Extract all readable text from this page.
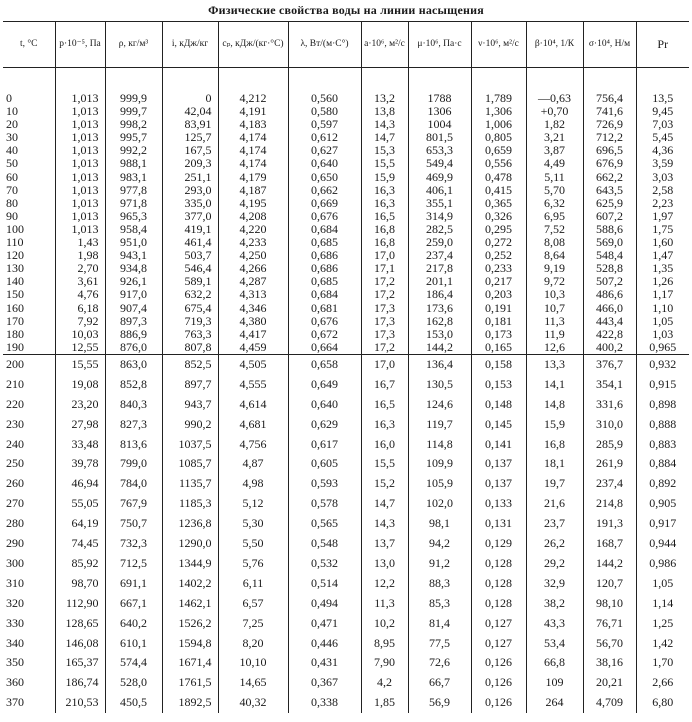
Физические свойства воды на линии насыщения
t, °C	p·10⁻⁵, Па	ρ, кг/м³	i, кДж/кг	cₚ, кДж/(кг·°С)	λ, Вт/(м·С°)	a·10⁶, м²/с	μ·10⁶, Па·с	ν·10⁶, м²/с	β·10⁴, 1/К	σ·10⁴, Н/м	Pr

0	1,013	999,9	0	4,212	0,560	13,2	1788	1,789	—0,63	756,4	13,5
10	1,013	999,7	42,04	4,191	0,580	13,8	1306	1,306	+0,70	741,6	9,45
20	1,013	998,2	83,91	4,183	0,597	14,3	1004	1,006	1,82	726,9	7,03
30	1,013	995,7	125,7	4,174	0,612	14,7	801,5	0,805	3,21	712,2	5,45
40	1,013	992,2	167,5	4,174	0,627	15,3	653,3	0,659	3,87	696,5	4,36
50	1,013	988,1	209,3	4,174	0,640	15,5	549,4	0,556	4,49	676,9	3,59
60	1,013	983,1	251,1	4,179	0,650	15,9	469,9	0,478	5,11	662,2	3,03
70	1,013	977,8	293,0	4,187	0,662	16,3	406,1	0,415	5,70	643,5	2,58
80	1,013	971,8	335,0	4,195	0,669	16,3	355,1	0,365	6,32	625,9	2,23
90	1,013	965,3	377,0	4,208	0,676	16,5	314,9	0,326	6,95	607,2	1,97
100	1,013	958,4	419,1	4,220	0,684	16,8	282,5	0,295	7,52	588,6	1,75
110	1,43	951,0	461,4	4,233	0,685	16,8	259,0	0,272	8,08	569,0	1,60
120	1,98	943,1	503,7	4,250	0,686	17,0	237,4	0,252	8,64	548,4	1,47
130	2,70	934,8	546,4	4,266	0,686	17,1	217,8	0,233	9,19	528,8	1,35
140	3,61	926,1	589,1	4,287	0,685	17,2	201,1	0,217	9,72	507,2	1,26
150	4,76	917,0	632,2	4,313	0,684	17,2	186,4	0,203	10,3	486,6	1,17
160	6,18	907,4	675,4	4,346	0,681	17,3	173,6	0,191	10,7	466,0	1,10
170	7,92	897,3	719,3	4,380	0,676	17,3	162,8	0,181	11,3	443,4	1,05
180	10,03	886,9	763,3	4,417	0,672	17,3	153,0	0,173	11,9	422,8	1,03
190	12,55	876,0	807,8	4,459	0,664	17,2	144,2	0,165	12,6	400,2	0,965
200	15,55	863,0	852,5	4,505	0,658	17,0	136,4	0,158	13,3	376,7	0,932
210	19,08	852,8	897,7	4,555	0,649	16,7	130,5	0,153	14,1	354,1	0,915
220	23,20	840,3	943,7	4,614	0,640	16,5	124,6	0,148	14,8	331,6	0,898
230	27,98	827,3	990,2	4,681	0,629	16,3	119,7	0,145	15,9	310,0	0,888
240	33,48	813,6	1037,5	4,756	0,617	16,0	114,8	0,141	16,8	285,9	0,883
250	39,78	799,0	1085,7	4,87	0,605	15,5	109,9	0,137	18,1	261,9	0,884
260	46,94	784,0	1135,7	4,98	0,593	15,2	105,9	0,137	19,7	237,4	0,892
270	55,05	767,9	1185,3	5,12	0,578	14,7	102,0	0,133	21,6	214,8	0,905
280	64,19	750,7	1236,8	5,30	0,565	14,3	98,1	0,131	23,7	191,3	0,917
290	74,45	732,3	1290,0	5,50	0,548	13,7	94,2	0,129	26,2	168,7	0,944
300	85,92	712,5	1344,9	5,76	0,532	13,0	91,2	0,128	29,2	144,2	0,986
310	98,70	691,1	1402,2	6,11	0,514	12,2	88,3	0,128	32,9	120,7	1,05
320	112,90	667,1	1462,1	6,57	0,494	11,3	85,3	0,128	38,2	98,10	1,14
330	128,65	640,2	1526,2	7,25	0,471	10,2	81,4	0,127	43,3	76,71	1,25
340	146,08	610,1	1594,8	8,20	0,446	8,95	77,5	0,127	53,4	56,70	1,42
350	165,37	574,4	1671,4	10,10	0,431	7,90	72,6	0,126	66,8	38,16	1,70
360	186,74	528,0	1761,5	14,65	0,367	4,2	66,7	0,126	109	20,21	2,66
370	210,53	450,5	1892,5	40,32	0,338	1,85	56,9	0,126	264	4,709	6,80
